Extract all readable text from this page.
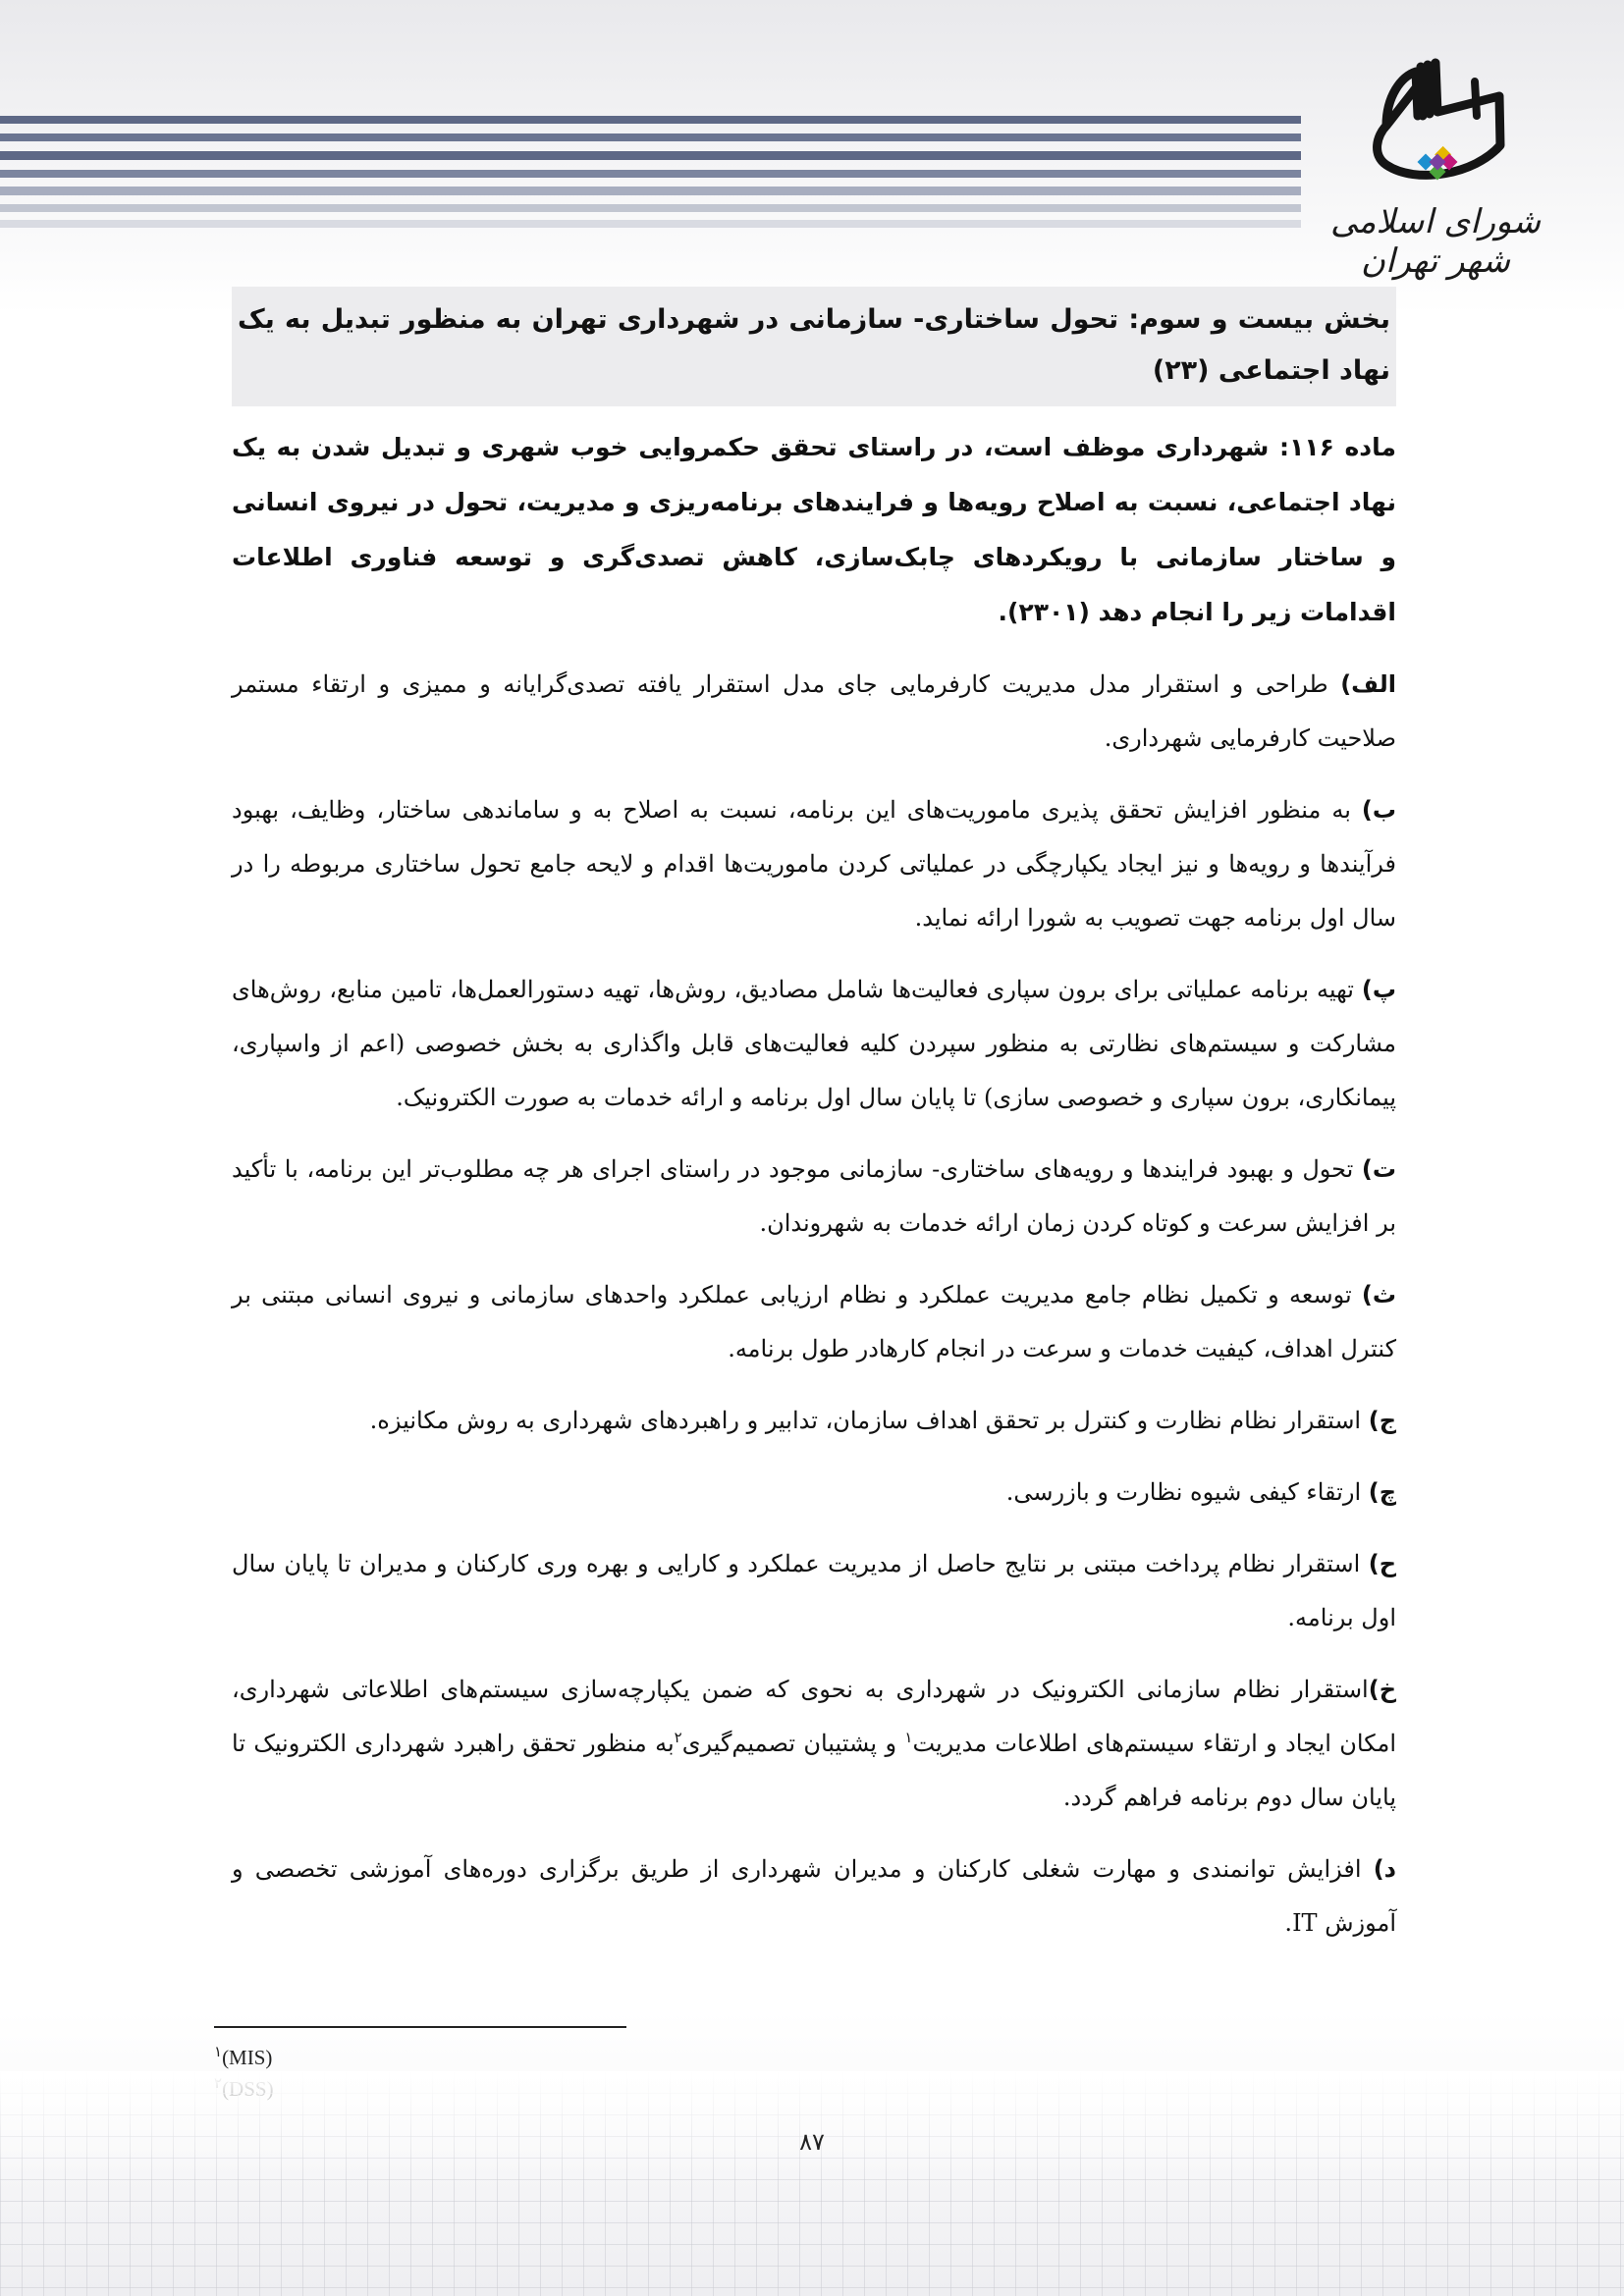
شورای اسلامی شهر تهران
بخش بیست و سوم: تحول ساختاری- سازمانی در شهرداری تهران به منظور تبدیل به یک نهاد اجتماعی (۲۳)

ماده ۱۱۶: شهرداری موظف است، در راستای تحقق حکمروایی خوب شهری و تبدیل شدن به یک نهاد اجتماعی، نسبت به اصلاح رویه‌ها و فرایندهای برنامه‌ریزی و مدیریت، تحول در نیروی انسانی و ساختار سازمانی با رویکردهای چابک‌سازی، کاهش تصدی‌گری و توسعه فناوری اطلاعات اقدامات زیر را انجام دهد (۲۳۰۱).

الف) طراحی و استقرار مدل مدیریت کارفرمایی جای مدل استقرار یافته تصدی‌گرایانه و ممیزی و ارتقاء مستمر صلاحیت کارفرمایی شهرداری.

ب) به منظور افزایش تحقق پذیری ماموریت‌های این برنامه، نسبت به اصلاح به و ساماندهی ساختار، وظایف، بهبود فرآیندها و رویه‌ها و نیز ایجاد یکپارچگی در عملیاتی کردن ماموریت‌ها اقدام و لایحه جامع تحول ساختاری مربوطه را در سال اول برنامه جهت تصویب به شورا ارائه نماید.

پ) تهیه برنامه عملیاتی برای برون سپاری فعالیت‌ها شامل مصادیق، روش‌ها، تهیه دستورالعمل‌ها، تامین منابع، روش‌های مشارکت و سیستم‌های نظارتی به منظور سپردن کلیه فعالیت‌های قابل واگذاری به بخش خصوصی (اعم از واسپاری، پیمانکاری، برون سپاری و خصوصی سازی) تا پایان سال اول برنامه و ارائه خدمات به صورت الکترونیک.

ت) تحول و بهبود فرایندها و رویه‌های ساختاری- سازمانی موجود در راستای اجرای هر چه مطلوب‌تر این برنامه، با تأکید بر افزایش سرعت و کوتاه کردن زمان ارائه خدمات به شهروندان.

ث) توسعه و تکمیل نظام جامع مدیریت عملکرد و نظام ارزیابی عملکرد واحدهای سازمانی و نیروی انسانی مبتنی بر کنترل اهداف، کیفیت خدمات و سرعت در انجام کارهادر طول برنامه.

ج) استقرار نظام نظارت و کنترل بر تحقق اهداف سازمان، تدابیر و راهبردهای شهرداری به روش مکانیزه.

چ) ارتقاء کیفی شیوه نظارت و بازرسی.

ح) استقرار نظام پرداخت مبتنی بر نتایج حاصل از مدیریت عملکرد و کارایی و بهره وری کارکنان و مدیران تا پایان سال اول برنامه.

خ)استقرار نظام سازمانی الکترونیک در شهرداری به نحوی که ضمن یکپارچه‌سازی سیستم‌های اطلاعاتی شهرداری، امکان ایجاد و ارتقاء سیستم‌های اطلاعات مدیریت$^۱$ و پشتیبان تصمیم‌گیری$^۲$به منظور تحقق راهبرد شهرداری الکترونیک تا پایان سال دوم برنامه فراهم گردد.

د) افزایش توانمندی و مهارت شغلی کارکنان و مدیران شهرداری از طریق برگزاری دوره‌های آموزشی تخصصی و آموزش IT.

$^۱$(MIS)
۸۷
